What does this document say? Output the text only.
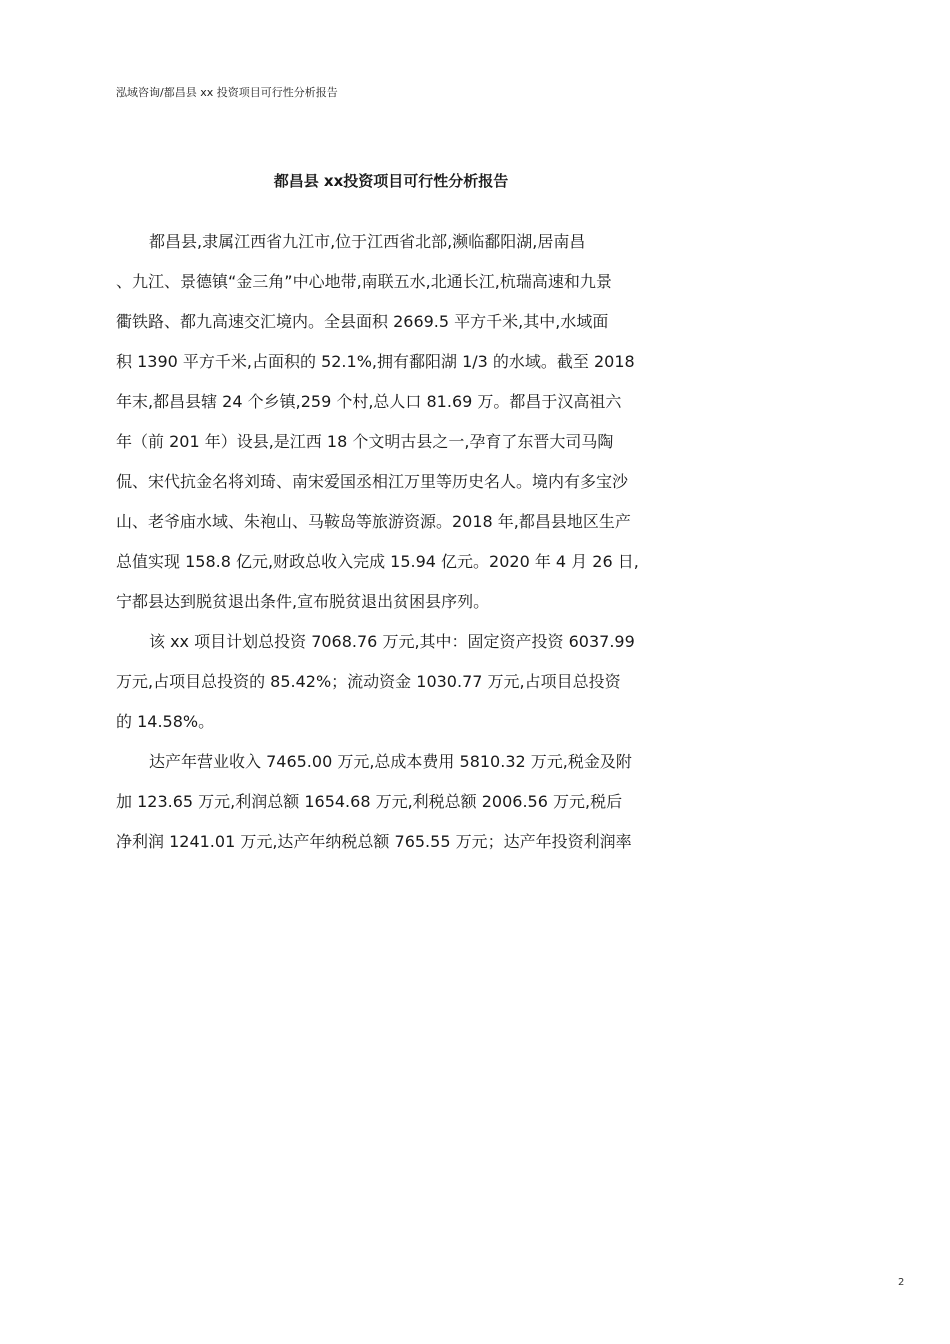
泓域咨询/都昌县 xx 投资项目可行性分析报告
都昌县 xx投资项目可行性分析报告
都昌县,隶属江西省九江市,位于江西省北部,濒临鄱阳湖,居南昌
、九江、景德镇“金三角”中心地带,南联五水,北通长江,杭瑞高速和九景
衢铁路、都九高速交汇境内。全县面积 2669.5 平方千米,其中,水域面
积 1390 平方千米,占面积的 52.1%,拥有鄱阳湖 1/3 的水域。截至 2018
年末,都昌县辖 24 个乡镇,259 个村,总人口 81.69 万。都昌于汉高祖六
年（前 201 年）设县,是江西 18 个文明古县之一,孕育了东晋大司马陶
侃、宋代抗金名将刘琦、南宋爱国丞相江万里等历史名人。境内有多宝沙
山、老爷庙水域、朱袍山、马鞍岛等旅游资源。2018 年,都昌县地区生产
总值实现 158.8 亿元,财政总收入完成 15.94 亿元。2020 年 4 月 26 日,
宁都县达到脱贫退出条件,宣布脱贫退出贫困县序列。
该 xx 项目计划总投资 7068.76 万元,其中：固定资产投资 6037.99
万元,占项目总投资的 85.42%；流动资金 1030.77 万元,占项目总投资
的 14.58%。
达产年营业收入 7465.00 万元,总成本费用 5810.32 万元,税金及附
加 123.65 万元,利润总额 1654.68 万元,利税总额 2006.56 万元,税后
净利润 1241.01 万元,达产年纳税总额 765.55 万元；达产年投资利润率
2
